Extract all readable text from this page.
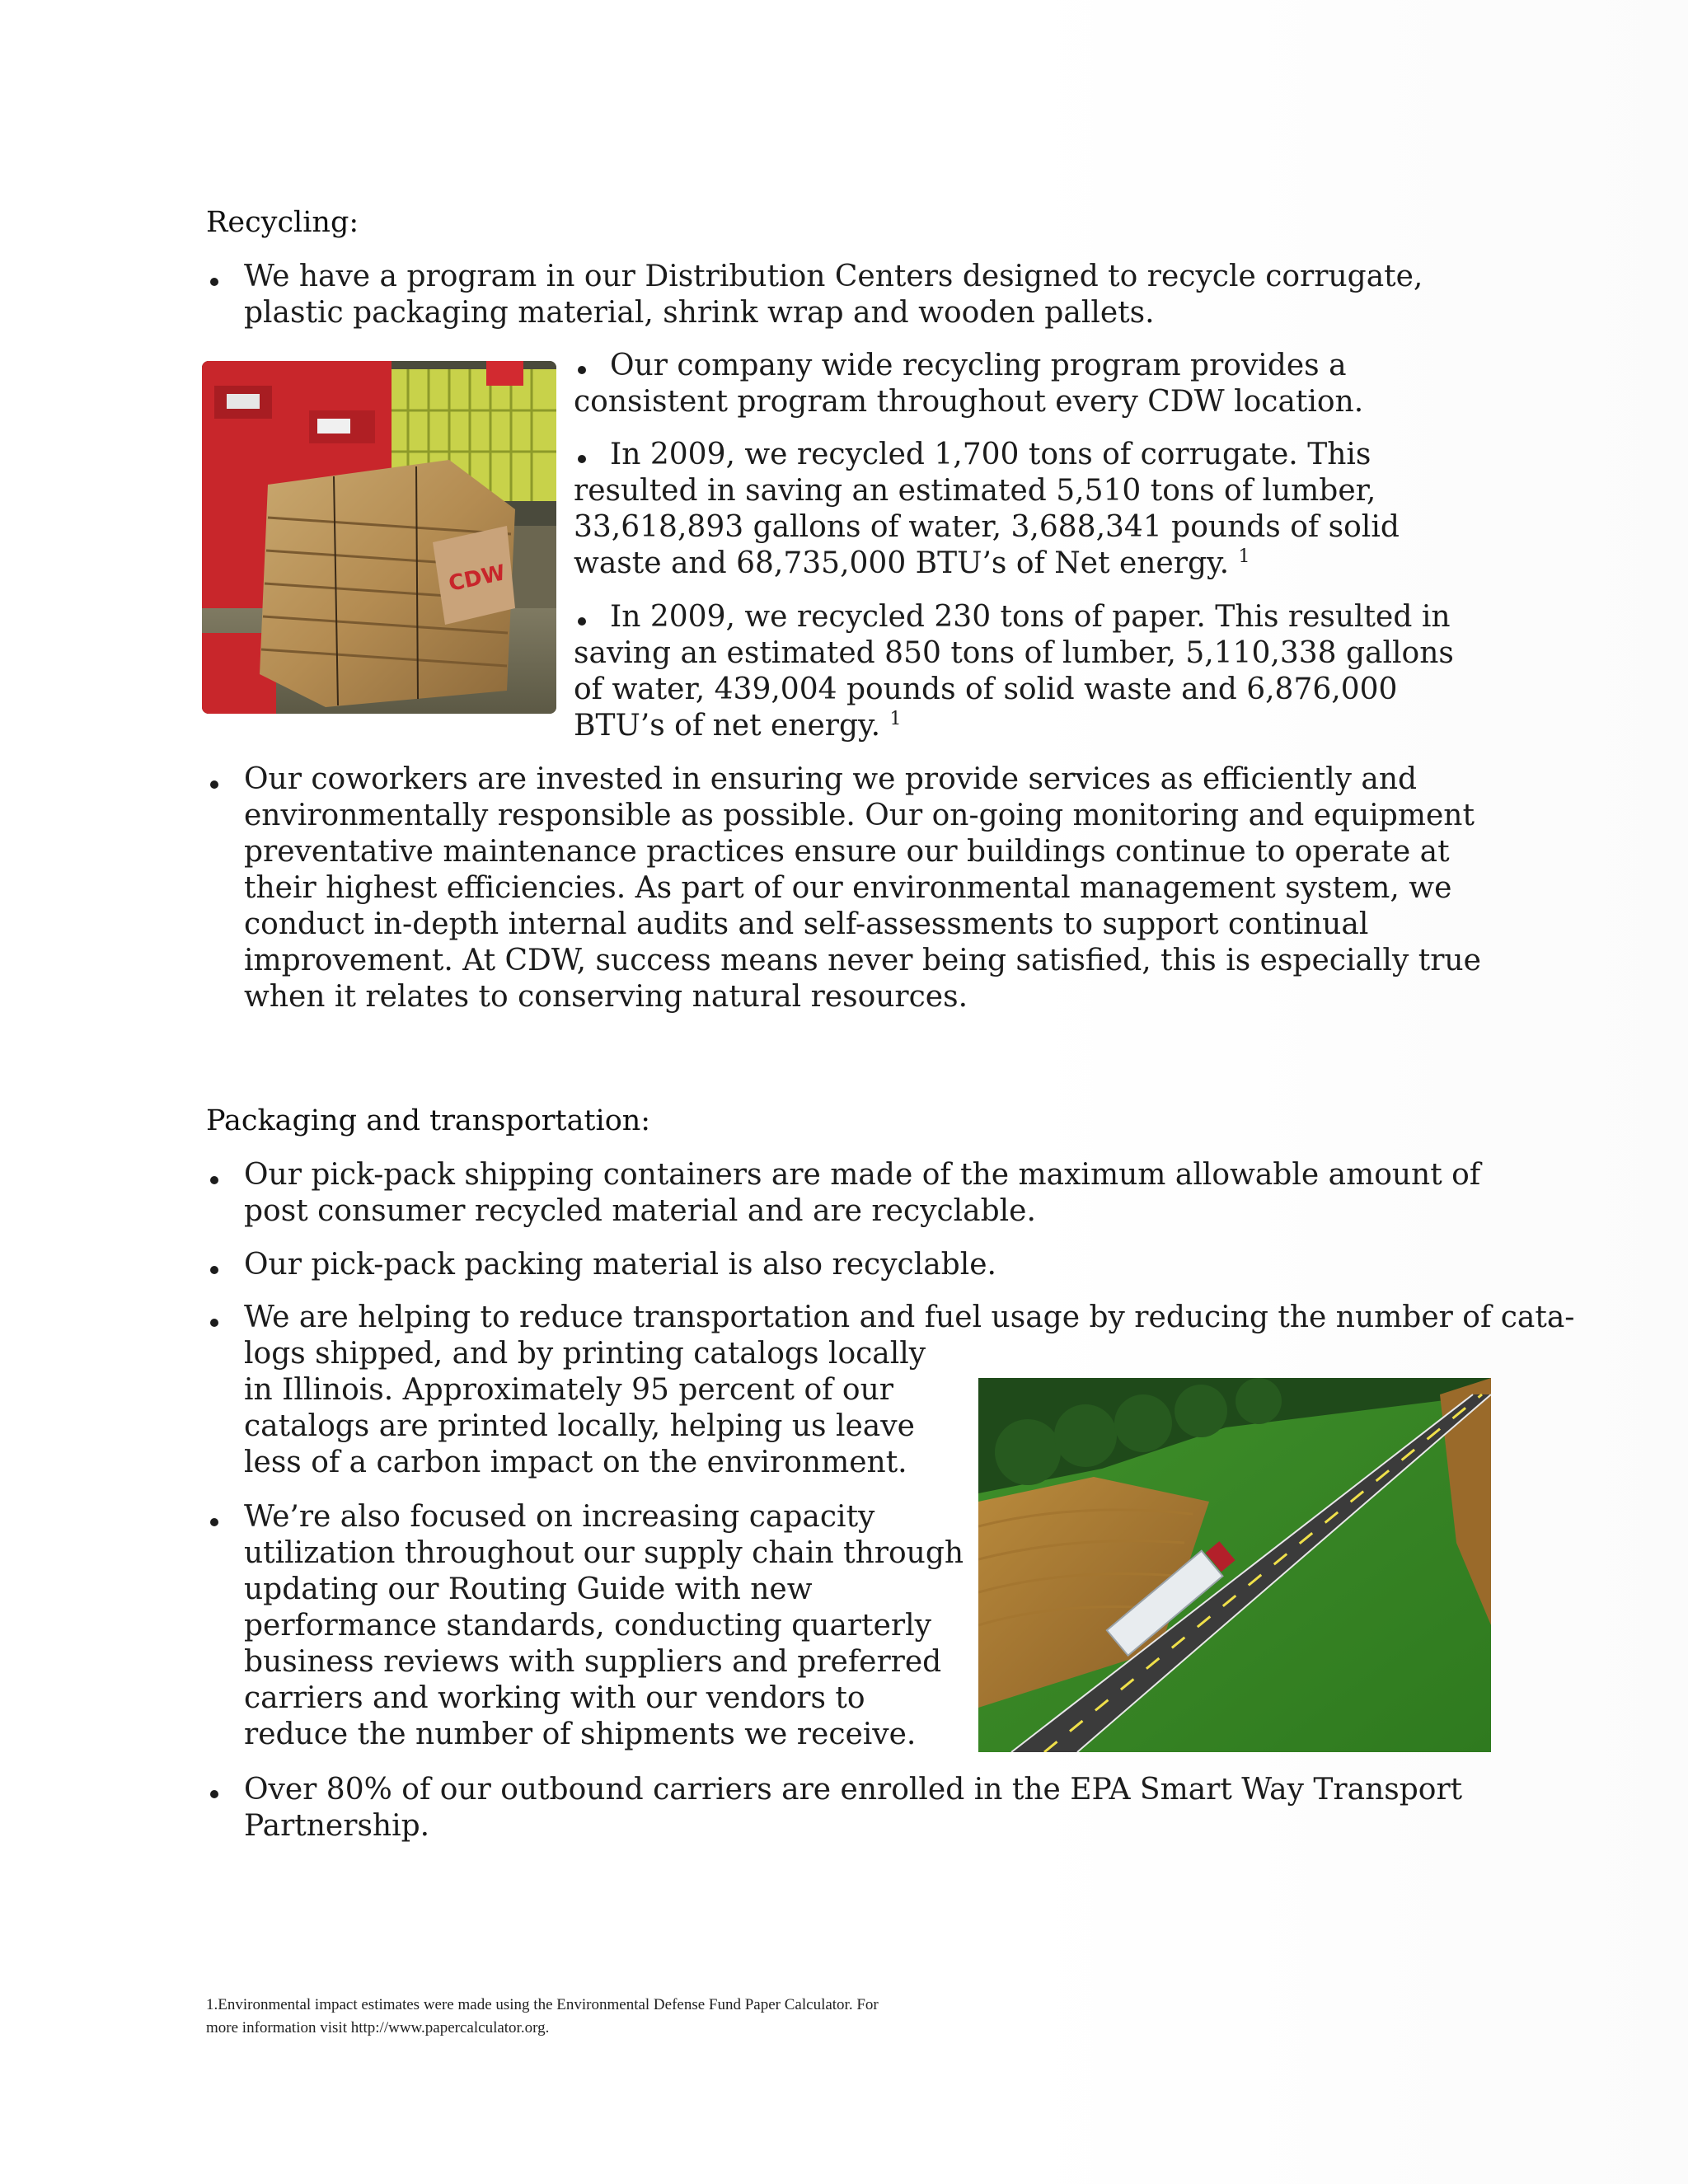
Recycling:
We have a program in our Distribution Centers designed to recycle corrugate, plastic packaging material, shrink wrap and wooden pallets.
CDW
Our company wide recycling program provides a consistent program throughout every CDW location.
In 2009, we recycled 1,700 tons of corrugate. This resulted in saving an estimated 5,510 tons of lumber, 33,618,893 gallons of water, 3,688,341 pounds of solid waste and 68,735,000 BTU’s of Net energy. $^1$
In 2009, we recycled 230 tons of paper. This resulted in saving an estimated 850 tons of lumber, 5,110,338 gallons of water, 439,004 pounds of solid waste and 6,876,000 BTU’s of net energy. $^1$
Our coworkers are invested in ensuring we provide services as efficiently and environmentally responsible as possible. Our on-going monitoring and equipment preventative maintenance practices ensure our buildings continue to operate at their highest efficiencies. As part of our environmental management system, we conduct in-depth internal audits and self-assessments to support continual improvement. At CDW, success means never being satisfied, this is especially true when it relates to conserving natural resources.
Packaging and transportation:
Our pick-pack shipping containers are made of the maximum allowable amount of post consumer recycled material and are recyclable.
Our pick-pack packing material is also recyclable.
We are helping to reduce transportation and fuel usage by reducing the number of cata-
logs shipped, and by printing catalogs locally in Illinois. Approximately 95 percent of our catalogs are printed locally, helping us leave less of a carbon impact on the environment.
We’re also focused on increasing capacity utilization throughout our supply chain through updating our Routing Guide with new performance standards, conducting quarterly business reviews with suppliers and preferred carriers and working with our vendors to reduce the number of shipments we receive.
Over 80% of our outbound carriers are enrolled in the EPA Smart Way Transport Partnership.
1.Environmental impact estimates were made using the Environmental Defense Fund Paper Calculator. For
more information visit http://www.papercalculator.org.
